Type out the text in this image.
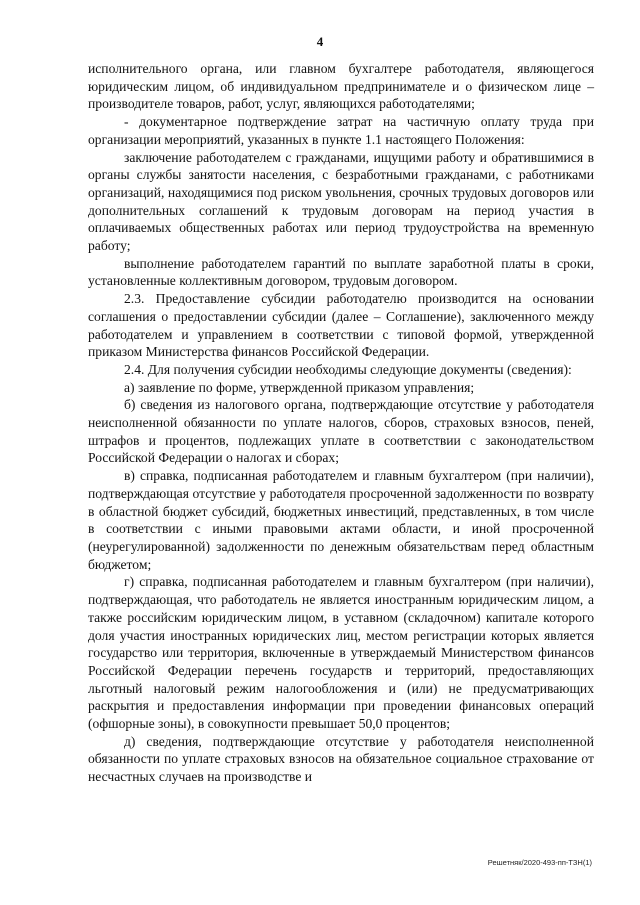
4

исполнительного органа, или главном бухгалтере работодателя, являющегося юридическим лицом, об индивидуальном предпринимателе и о физическом лице – производителе товаров, работ, услуг, являющихся работодателями;

- документарное подтверждение затрат на частичную оплату труда при организации мероприятий, указанных в пункте 1.1 настоящего Положения:

заключение работодателем с гражданами, ищущими работу и обратившимися в органы службы занятости населения, с безработными гражданами, с работниками организаций, находящимися под риском увольнения, срочных трудовых договоров или дополнительных соглашений к трудовым договорам на период участия в оплачиваемых общественных работах или период трудоустройства на временную работу;

выполнение работодателем гарантий по выплате заработной платы в сроки, установленные коллективным договором, трудовым договором.

2.3. Предоставление субсидии работодателю производится на основании соглашения о предоставлении субсидии (далее – Соглашение), заключенного между работодателем и управлением в соответствии с типовой формой, утвержденной приказом Министерства финансов Российской Федерации.

2.4. Для получения субсидии необходимы следующие документы (сведения):

а) заявление по форме, утвержденной приказом управления;

б) сведения из налогового органа, подтверждающие отсутствие у работодателя неисполненной обязанности по уплате налогов, сборов, страховых взносов, пеней, штрафов и процентов, подлежащих уплате в соответствии с законодательством Российской Федерации о налогах и сборах;

в) справка, подписанная работодателем и главным бухгалтером (при наличии), подтверждающая отсутствие у работодателя просроченной задолженности по возврату в областной бюджет субсидий, бюджетных инвестиций, представленных, в том числе в соответствии с иными правовыми актами области, и иной просроченной (неурегулированной) задолженности по денежным обязательствам перед областным бюджетом;

г) справка, подписанная работодателем и главным бухгалтером (при наличии), подтверждающая, что работодатель не является иностранным юридическим лицом, а также российским юридическим лицом, в уставном (складочном) капитале которого доля участия иностранных юридических лиц, местом регистрации которых является государство или территория, включенные в утверждаемый Министерством финансов Российской Федерации перечень государств и территорий, предоставляющих льготный налоговый режим налогообложения и (или) не предусматривающих раскрытия и предоставления информации при проведении финансовых операций (офшорные зоны), в совокупности превышает 50,0 процентов;

д) сведения, подтверждающие отсутствие у работодателя неисполненной обязанности по уплате страховых взносов на обязательное социальное страхование от несчастных случаев на производстве и

Решетняк/2020-493-пп-ТЗН(1)
